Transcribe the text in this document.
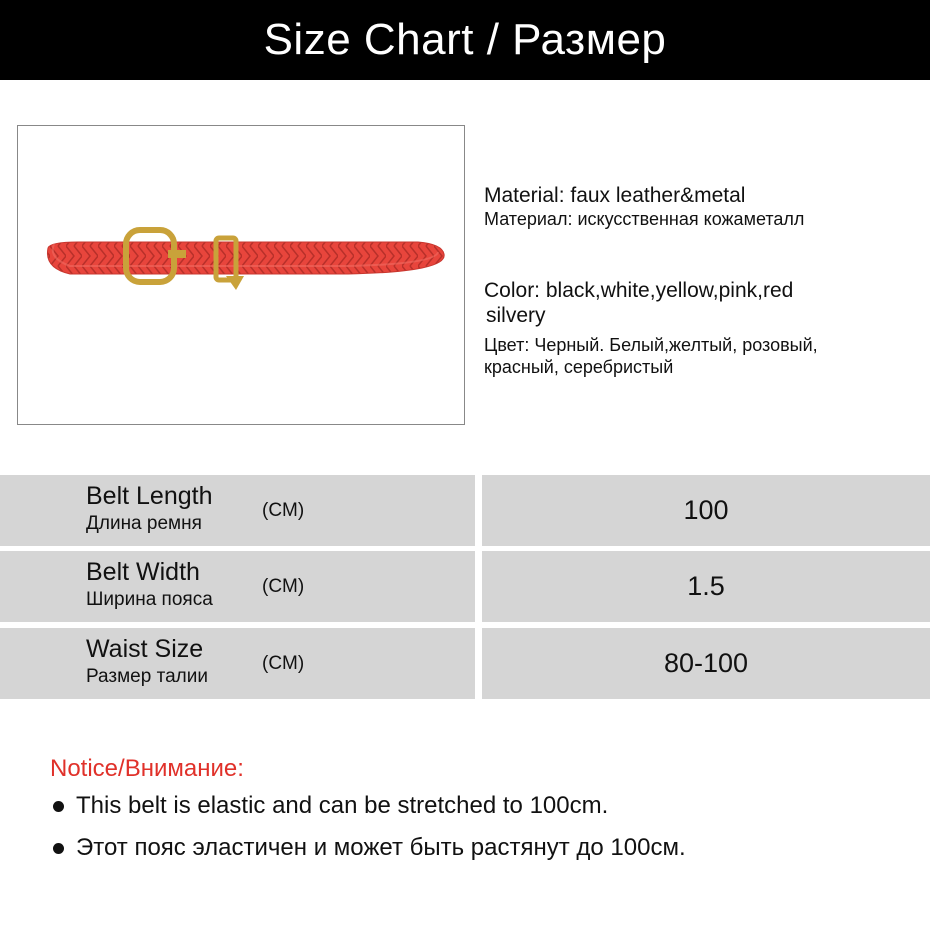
Size Chart / Размер
Material: faux leather&metal
Материал: искусственная кожаметалл
Color: black,white,yellow,pink,red
silvery
Цвет: Черный. Белый,желтый, розовый,
красный, серебристый
Belt Length
Длина ремня
(CM)	100
Belt Width
Ширина пояса
(CM)	1.5
Waist Size
Размер талии
(CM)	80-100
Notice/Внимание:
This belt is elastic and can be stretched to 100cm.
Этот пояс эластичен и может быть растянут до 100см.
